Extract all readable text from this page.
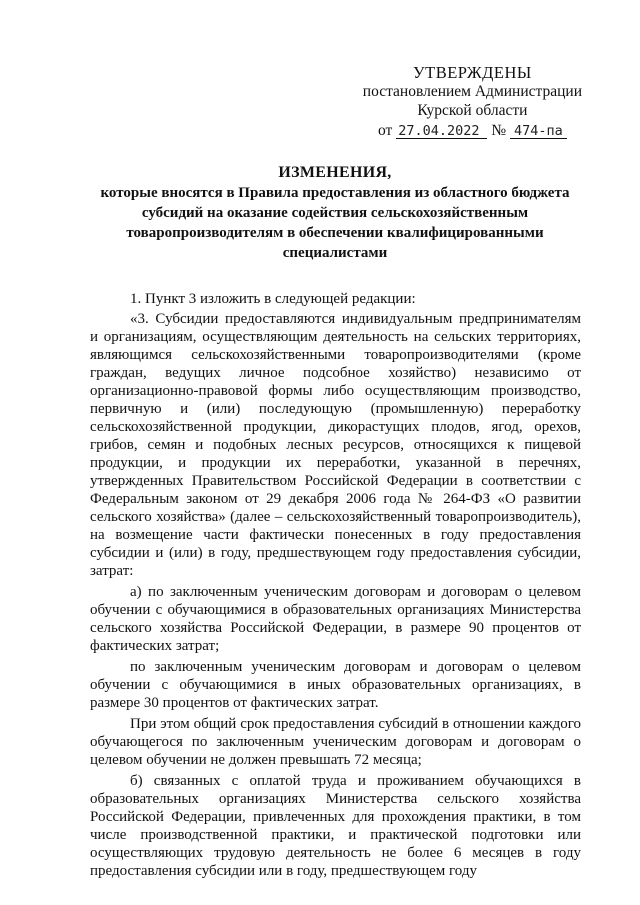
УТВЕРЖДЕНЫ
постановлением Администрации
Курской области
от 27.04.2022 № 474-па
ИЗМЕНЕНИЯ,
которые вносятся в Правила предоставления из областного бюджета субсидий на оказание содействия сельскохозяйственным товаропроизводителям в обеспечении квалифицированными специалистами

1. Пункт 3 изложить в следующей редакции:

«3. Субсидии предоставляются индивидуальным предпринимателям и организациям, осуществляющим деятельность на сельских территориях, являющимся сельскохозяйственными товаропроизводителями (кроме граждан, ведущих личное подсобное хозяйство) независимо от организационно-правовой формы либо осуществляющим производство, первичную и (или) последующую (промышленную) переработку сельскохозяйственной продукции, дикорастущих плодов, ягод, орехов, грибов, семян и подобных лесных ресурсов, относящихся к пищевой продукции, и продукции их переработки, указанной в перечнях, утвержденных Правительством Российской Федерации в соответствии с Федеральным законом от 29 декабря 2006 года № 264-ФЗ «О развитии сельского хозяйства» (далее – сельскохозяйственный товаропроизводитель), на возмещение части фактически понесенных в году предоставления субсидии и (или) в году, предшествующем году предоставления субсидии, затрат:

а) по заключенным ученическим договорам и договорам о целевом обучении с обучающимися в образовательных организациях Министерства сельского хозяйства Российской Федерации, в размере 90 процентов от фактических затрат;

по заключенным ученическим договорам и договорам о целевом обучении с обучающимися в иных образовательных организациях, в размере 30 процентов от фактических затрат.

При этом общий срок предоставления субсидий в отношении каждого обучающегося по заключенным ученическим договорам и договорам о целевом обучении не должен превышать 72 месяца;

б) связанных с оплатой труда и проживанием обучающихся в образовательных организациях Министерства сельского хозяйства Российской Федерации, привлеченных для прохождения практики, в том числе производственной практики, и практической подготовки или осуществляющих трудовую деятельность не более 6 месяцев в году предоставления субсидии или в году, предшествующем году
